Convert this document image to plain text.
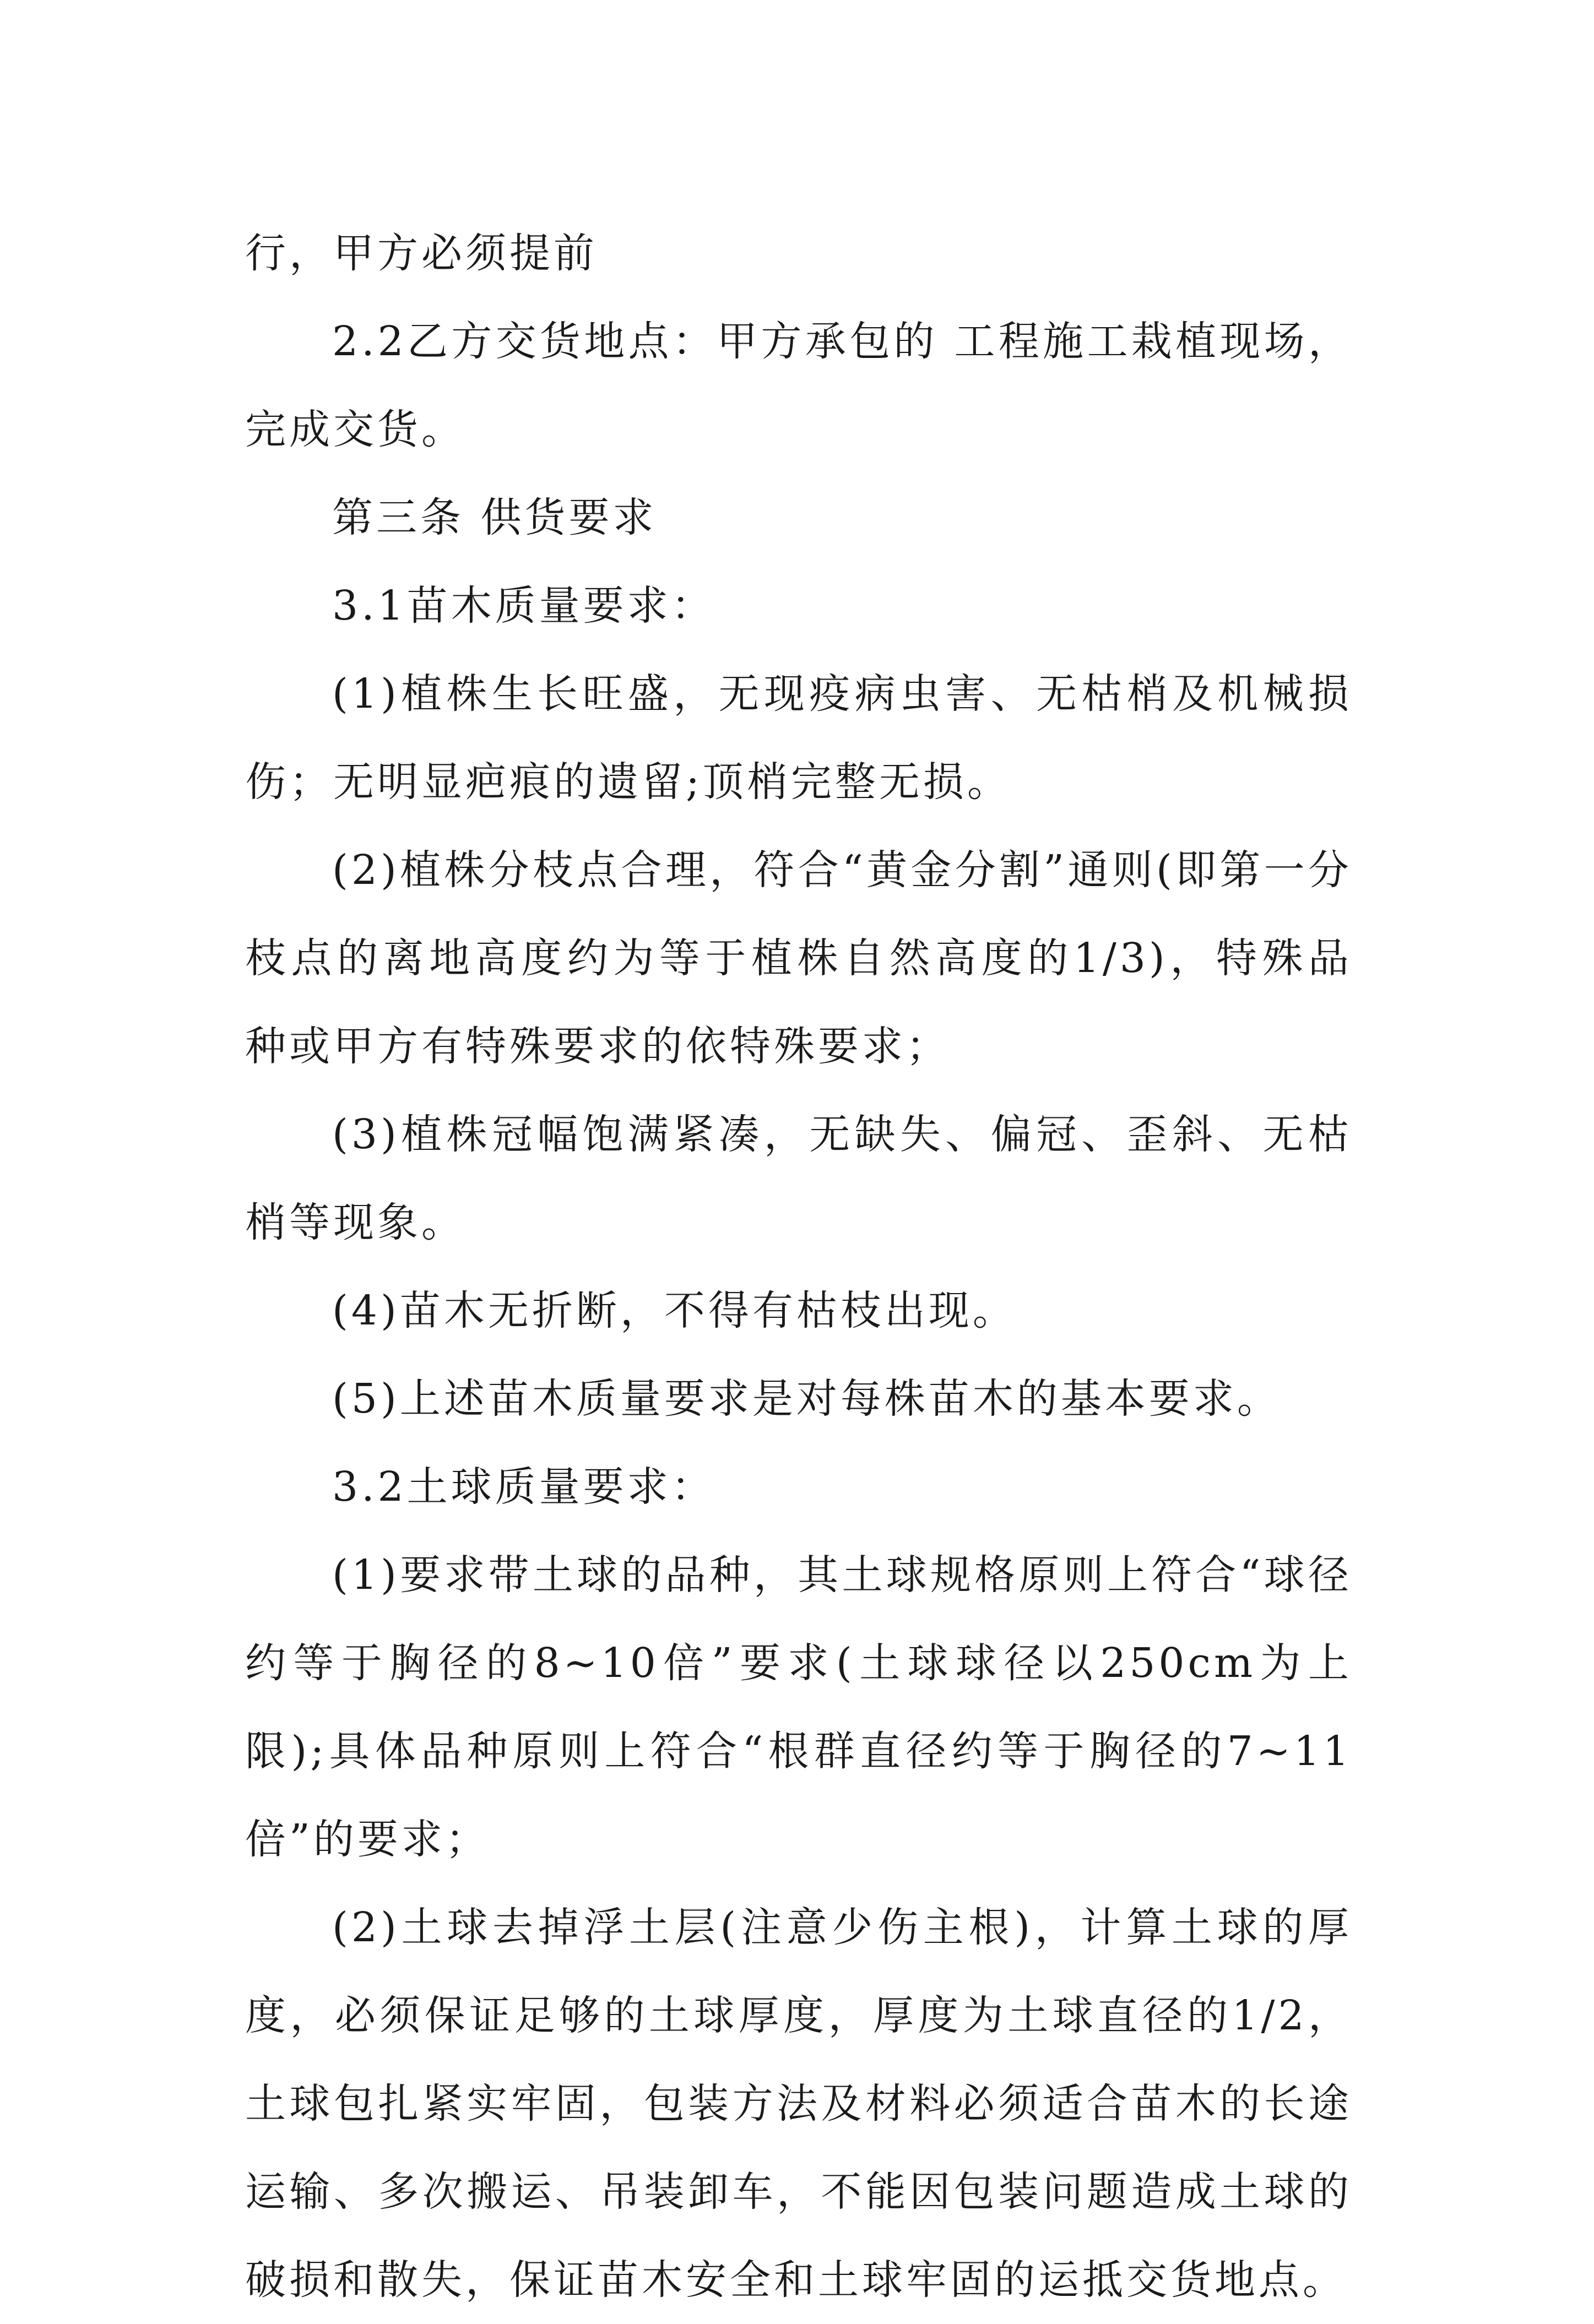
行，甲方必须提前

2.2乙方交货地点：甲方承包的 工程施工栽植现场，完成交货。

第三条 供货要求

3.1苗木质量要求：

(1)植株生长旺盛，无现疫病虫害、无枯梢及机械损伤；无明显疤痕的遗留;顶梢完整无损。

(2)植株分枝点合理，符合“黄金分割”通则(即第一分枝点的离地高度约为等于植株自然高度的1/3)，特殊品种或甲方有特殊要求的依特殊要求；

(3)植株冠幅饱满紧凑，无缺失、偏冠、歪斜、无枯梢等现象。

(4)苗木无折断，不得有枯枝出现。

(5)上述苗木质量要求是对每株苗木的基本要求。

3.2土球质量要求：

(1)要求带土球的品种，其土球规格原则上符合“球径约等于胸径的8~10倍”要求(土球球径以250cm为上限);具体品种原则上符合“根群直径约等于胸径的7~11倍”的要求；

(2)土球去掉浮土层(注意少伤主根)，计算土球的厚度，必须保证足够的土球厚度，厚度为土球直径的1/2，土球包扎紧实牢固，包装方法及材料必须适合苗木的长途运输、多次搬运、吊装卸车，不能因包装问题造成土球的破损和散失，保证苗木安全和土球牢固的运抵交货地点。
